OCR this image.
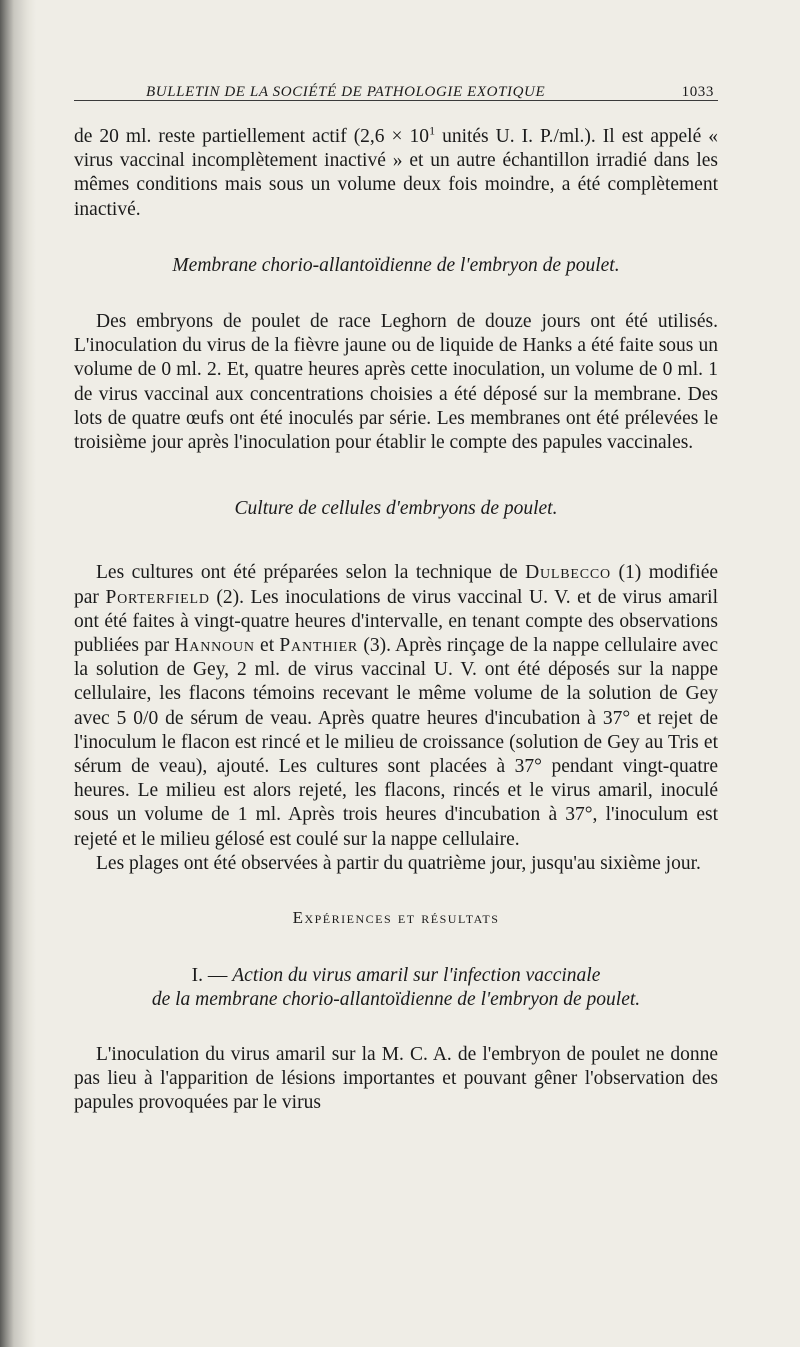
BULLETIN DE LA SOCIÉTÉ DE PATHOLOGIE EXOTIQUE	1033

de 20 ml. reste partiellement actif ($2,6 \times 10^1$ unités U. I. P./ml.). Il est appelé « virus vaccinal incomplètement inactivé » et un autre échantillon irradié dans les mêmes conditions mais sous un volume deux fois moindre, a été complètement inactivé.

Membrane chorio-allantoïdienne de l'embryon de poulet.

Des embryons de poulet de race Leghorn de douze jours ont été utilisés. L'inoculation du virus de la fièvre jaune ou de liquide de Hanks a été faite sous un volume de 0 ml. 2. Et, quatre heures après cette inoculation, un volume de 0 ml. 1 de virus vaccinal aux concentrations choisies a été déposé sur la membrane. Des lots de quatre œufs ont été inoculés par série. Les membranes ont été prélevées le troisième jour après l'inoculation pour établir le compte des papules vaccinales.

Culture de cellules d'embryons de poulet.

Les cultures ont été préparées selon la technique de Dulbecco (1) modifiée par Porterfield (2). Les inoculations de virus vaccinal U. V. et de virus amaril ont été faites à vingt-quatre heures d'intervalle, en tenant compte des observations publiées par Hannoun et Panthier (3). Après rinçage de la nappe cellulaire avec la solution de Gey, 2 ml. de virus vaccinal U. V. ont été déposés sur la nappe cellulaire, les flacons témoins recevant le même volume de la solution de Gey avec 5 0/0 de sérum de veau. Après quatre heures d'incubation à 37° et rejet de l'inoculum le flacon est rincé et le milieu de croissance (solution de Gey au Tris et sérum de veau), ajouté. Les cultures sont placées à 37° pendant vingt-quatre heures. Le milieu est alors rejeté, les flacons, rincés et le virus amaril, inoculé sous un volume de 1 ml. Après trois heures d'incubation à 37°, l'inoculum est rejeté et le milieu gélosé est coulé sur la nappe cellulaire.

Les plages ont été observées à partir du quatrième jour, jusqu'au sixième jour.

Expériences et résultats

I. — Action du virus amaril sur l'infection vaccinale
de la membrane chorio-allantoïdienne de l'embryon de poulet.

L'inoculation du virus amaril sur la M. C. A. de l'embryon de poulet ne donne pas lieu à l'apparition de lésions importantes et pouvant gêner l'observation des papules provoquées par le virus
